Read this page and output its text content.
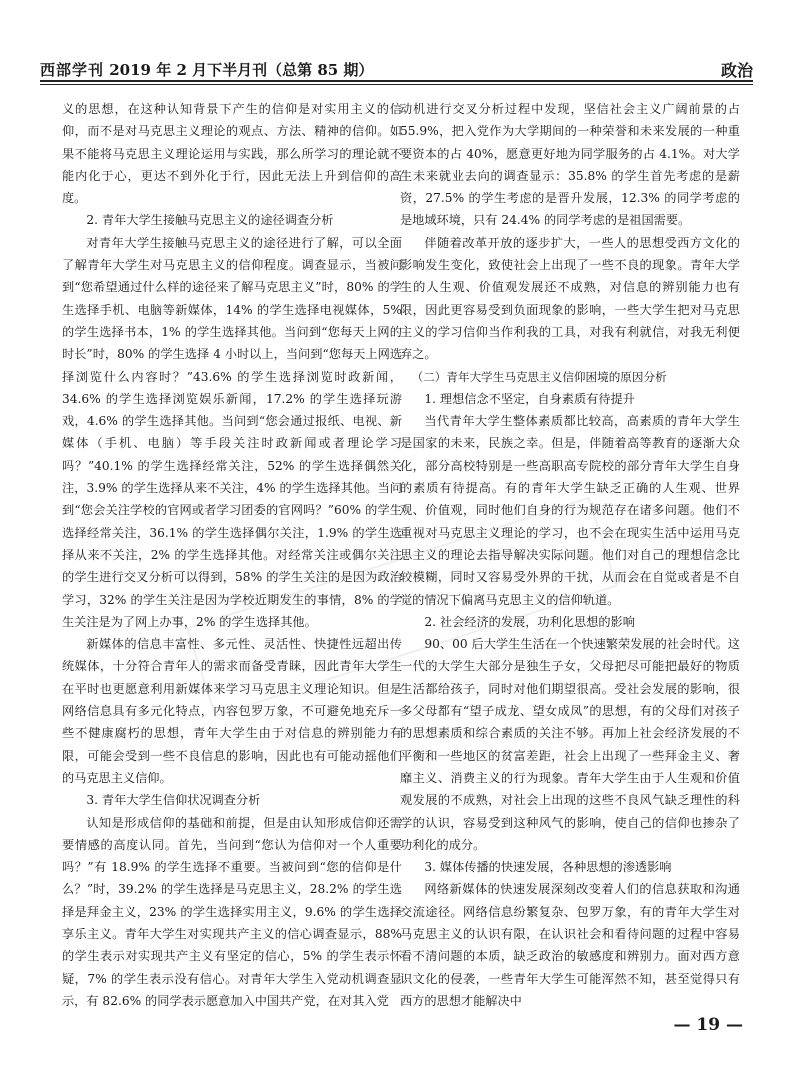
西部学刊 2019 年 2 月下半月刊（总第 85 期）	政治

义的思想，在这种认知背景下产生的信仰是对实用主义的信仰，而不是对马克思主义理论的观点、方法、精神的信仰。如果不能将马克思主义理论运用与实践，那么所学习的理论就不能内化于心，更达不到外化于行，因此无法上升到信仰的高度。

2. 青年大学生接触马克思主义的途径调查分析

对青年大学生接触马克思主义的途径进行了解，可以全面了解青年大学生对马克思主义的信仰程度。调查显示，当被问到“您希望通过什么样的途径来了解马克思主义”时，80% 的学生选择手机、电脑等新媒体，14% 的学生选择电视媒体，5% 的学生选择书本，1% 的学生选择其他。当问到“您每天上网的时长”时，80% 的学生选择 4 小时以上，当问到“您每天上网选择浏览什么内容时？”43.6% 的学生选择浏览时政新闻，34.6% 的学生选择浏览娱乐新闻，17.2% 的学生选择玩游戏，4.6% 的学生选择其他。当问到“您会通过报纸、电视、新媒体（手机、电脑）等手段关注时政新闻或者理论学习吗？”40.1% 的学生选择经常关注，52% 的学生选择偶然关注，3.9% 的学生选择从来不关注，4% 的学生选择其他。当问到“您会关注学校的官网或者学习团委的官网吗？”60% 的学生选择经常关注，36.1% 的学生选择偶尔关注，1.9% 的学生选择从来不关注，2% 的学生选择其他。对经常关注或偶尔关注的学生进行交叉分析可以得到，58% 的学生关注的是因为政治学习，32% 的学生关注是因为学校近期发生的事情，8% 的学生关注是为了网上办事，2% 的学生选择其他。

新媒体的信息丰富性、多元性、灵活性、快捷性远超出传统媒体，十分符合青年人的需求而备受青睐，因此青年大学生在平时也更愿意利用新媒体来学习马克思主义理论知识。但是网络信息具有多元化特点，内容包罗万象，不可避免地充斥一些不健康腐朽的思想，青年大学生由于对信息的辨别能力有限，可能会受到一些不良信息的影响，因此也有可能动摇他们的马克思主义信仰。

3. 青年大学生信仰状况调查分析

认知是形成信仰的基础和前提，但是由认知形成信仰还需要情感的高度认同。首先，当问到“您认为信仰对一个人重要吗？”有 18.9% 的学生选择不重要。当被问到“您的信仰是什么？”时，39.2% 的学生选择是马克思主义，28.2% 的学生选择是拜金主义，23% 的学生选择实用主义，9.6% 的学生选择享乐主义。青年大学生对实现共产主义的信心调查显示，88% 的学生表示对实现共产主义有坚定的信心，5% 的学生表示怀疑，7% 的学生表示没有信心。对青年大学生入党动机调查显示，有 82.6% 的同学表示愿意加入中国共产党，在对其入党

动机进行交叉分析过程中发现，坚信社会主义广阔前景的占 55.9%，把入党作为大学期间的一种荣誉和未来发展的一种重要资本的占 40%，愿意更好地为同学服务的占 4.1%。对大学生未来就业去向的调查显示：35.8% 的学生首先考虑的是薪资，27.5% 的学生考虑的是晋升发展，12.3% 的同学考虑的是地域环境，只有 24.4% 的同学考虑的是祖国需要。

伴随着改革开放的逐步扩大，一些人的思想受西方文化的影响发生变化，致使社会上出现了一些不良的现象。青年大学生的人生观、价值观发展还不成熟，对信息的辨别能力也有限，因此更容易受到负面现象的影响，一些大学生把对马克思主义的学习信仰当作利我的工具，对我有利就信，对我无利便弃之。

（二）青年大学生马克思主义信仰困境的原因分析
1. 理想信念不坚定，自身素质有待提升

当代青年大学生整体素质都比较高，高素质的青年大学生是国家的未来，民族之幸。但是，伴随着高等教育的逐渐大众化，部分高校特别是一些高职高专院校的部分青年大学生自身的素质有待提高。有的青年大学生缺乏正确的人生观、世界观、价值观，同时他们自身的行为规范存在诸多问题。他们不重视对马克思主义理论的学习，也不会在现实生活中运用马克思主义的理论去指导解决实际问题。他们对自己的理想信念比较模糊，同时又容易受外界的干扰，从而会在自觉或者是不自觉的情况下偏离马克思主义的信仰轨道。

2. 社会经济的发展，功利化思想的影响

90、00 后大学生生活在一个快速繁荣发展的社会时代。这一代的大学生大部分是独生子女，父母把尽可能把最好的物质生活都给孩子，同时对他们期望很高。受社会发展的影响，很多父母都有“望子成龙、望女成凤”的思想，有的父母们对孩子的思想素质和综合素质的关注不够。再加上社会经济发展的不平衡和一些地区的贫富差距，社会上出现了一些拜金主义、奢靡主义、消费主义的行为现象。青年大学生由于人生观和价值观发展的不成熟，对社会上出现的这些不良风气缺乏理性的科学的认识，容易受到这种风气的影响，使自己的信仰也掺杂了功利化的成分。

3. 媒体传播的快速发展，各种思想的渗透影响

网络新媒体的快速发展深刻改变着人们的信息获取和沟通交流途径。网络信息纷繁复杂、包罗万象，有的青年大学生对马克思主义的认识有限，在认识社会和看待问题的过程中容易看不清问题的本质，缺乏政治的敏感度和辨别力。面对西方意识文化的侵袭，一些青年大学生可能浑然不知，甚至觉得只有西方的思想才能解决中

— 19 —
